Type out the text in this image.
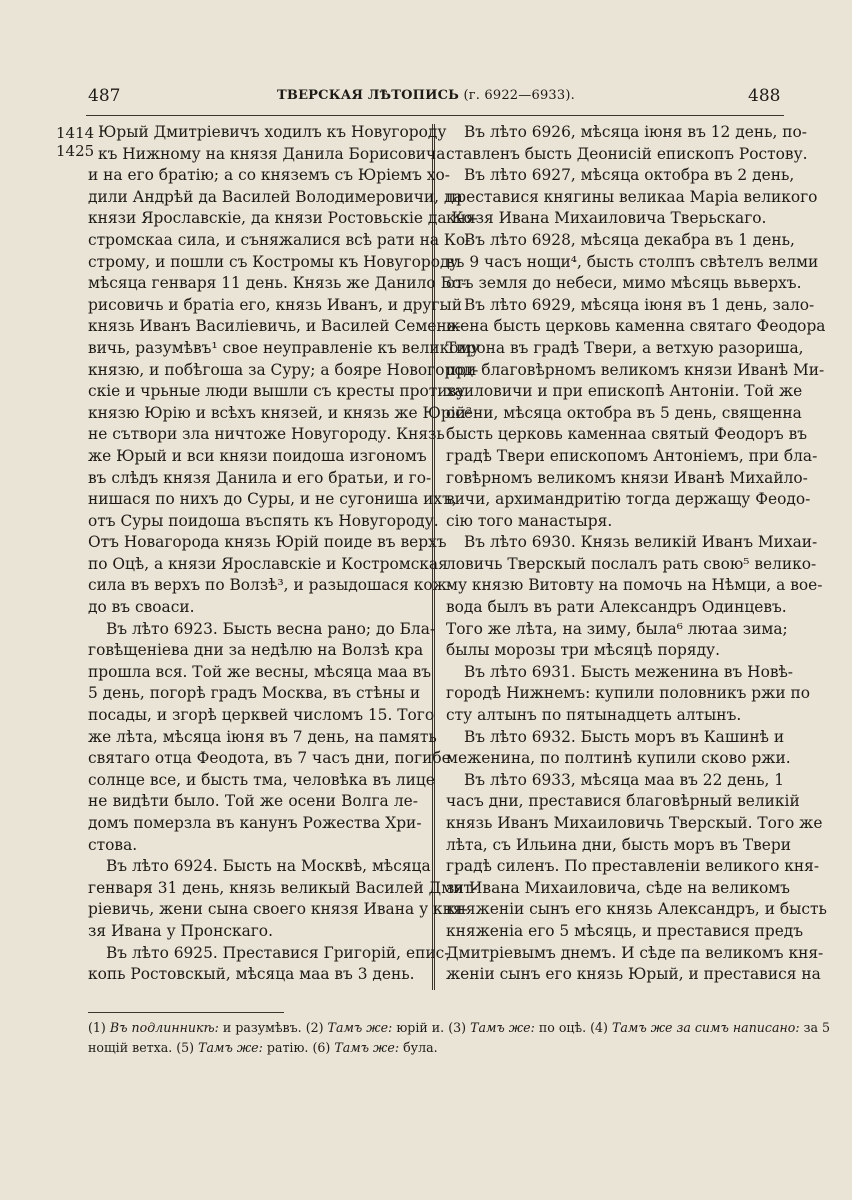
487	ТВЕРСКАЯ ЛѢТОПИСЬ (г. 6922—6933).	488
1414
1425
Юрый Дмитріевичъ ходилъ къ Новугороду
къ Нижному на князя Данила Борисовича
и на его братію; а со княземъ съ Юріемъ хо-
дили Андрѣй да Василей Володимеровичи, да
князи Ярославскіе, да князи Ростовьскіе да Ко-
стромскаа сила, и съняжалися всѣ рати на Ко-
строму, и пошли съ Костромы къ Новугороду
мѣсяца генваря 11 день. Князь же Данило Бо-
рисовичь и братіа его, князь Иванъ, и другый
князь Иванъ Василіевичь, и Василей Семено-
вичь, разумѣвъ¹ свое неуправленіе къ великому
князю, и побѣгоша за Суру; а бояре Новогород-
скіе и чрьные люди вышли съ кресты противу
князю Юрію и всѣхъ князей, и князь же Юрій²
не сътвори зла ничтоже Новугороду. Князь
же Юрый и вси князи поидоша изгономъ
въ слѣдъ князя Данила и его братьи, и го-
нишася по нихъ до Суры, и не сугониша ихъ,
отъ Суры поидоша въспять къ Новугороду.
Отъ Новагорода князь Юрій поиде въ верхъ
по Оцѣ, а князи Ярославскіе и Костромская
сила въ верхъ по Волзѣ³, и разыдошася кож-
до въ своаси.
Въ лѣто 6923. Бысть весна рано; до Бла-
говѣщеніева дни за недѣлю на Волзѣ кра
прошла вся. Той же весны, мѣсяца маа въ
5 день, погорѣ градъ Москва, въ стѣны и
посады, и згорѣ церквей числомъ 15. Того
же лѣта, мѣсяца іюня въ 7 день, на память
святаго отца Феодота, въ 7 часъ дни, погибе
солнце все, и бысть тма, человѣка въ лице
не видѣти было. Той же осени Волга ле-
домъ померзла въ канунъ Рожества Хри-
стова.
Въ лѣто 6924. Бысть на Москвѣ, мѣсяца
генваря 31 день, князь великый Василей Дмит-
ріевичь, жени сына своего князя Ивана у кня-
зя Ивана у Пронскаго.
Въ лѣто 6925. Преставися Григорій, епис-
копь Ростовскый, мѣсяца маа въ 3 день.
Въ лѣто 6926, мѣсяца іюня въ 12 день, по-
ставленъ бысть Деонисій епископъ Ростову.
Въ лѣто 6927, мѣсяца октобра въ 2 день,
преставися княгины великаа Маріа великого
князя Ивана Михаиловича Тверьскаго.
Въ лѣто 6928, мѣсяца декабра въ 1 день,
въ 9 часъ нощи⁴, бысть столпъ свѣтелъ велми
отъ земля до небеси, мимо мѣсяць вьверхъ.
Въ лѣто 6929, мѣсяца іюня въ 1 день, зало-
жена бысть церковь каменна святаго Феодора
Тирона въ градѣ Твери, а ветхую разориша,
при благовѣрномъ великомъ князи Иванѣ Ми-
хаиловичи и при епископѣ Антоніи. Той же
осени, мѣсяца октобра въ 5 день, священна
бысть церковь каменнаа святый Феодоръ въ
градѣ Твери епископомъ Антоніемъ, при бла-
говѣрномъ великомъ князи Иванѣ Михайло-
вичи, архимандритію тогда держащу Феодо-
сію того манастыря.
Въ лѣто 6930. Князь великій Иванъ Михаи-
ловичь Тверскый послалъ рать свою⁵ велико-
му князю Витовту на помочь на Нѣмци, а вое-
вода былъ въ рати Александръ Одинцевъ.
Того же лѣта, на зиму, была⁶ лютаа зима;
былы морозы три мѣсяцѣ поряду.
Въ лѣто 6931. Бысть меженина въ Новѣ-
городѣ Нижнемъ: купили половникъ ржи по
сту алтынъ по пятынадцеть алтынъ.
Въ лѣто 6932. Бысть моръ въ Кашинѣ и
меженина, по полтинѣ купили сково ржи.
Въ лѣто 6933, мѣсяца маа въ 22 день, 1
часъ дни, преставися благовѣрный великій
князь Иванъ Михаиловичь Тверскый. Того же
лѣта, съ Ильина дни, бысть моръ въ Твери
градѣ силенъ. По преставленіи великого кня-
зя Ивана Михаиловича, сѣде на великомъ
княженіи сынъ его князь Александръ, и бысть
княженіа его 5 мѣсяць, и преставися предъ
Дмитріевымъ днемъ. И сѣде па великомъ кня-
женіи сынъ его князь Юрый, и преставися на
(1) Въ подлинникѣ: и разумѣвъ. (2) Тамъ же: юрій и. (3) Тамъ же: по оцѣ. (4) Тамъ же за симъ написано: за 5
нощій ветха. (5) Тамъ же: ратію. (6) Тамъ же: була.
